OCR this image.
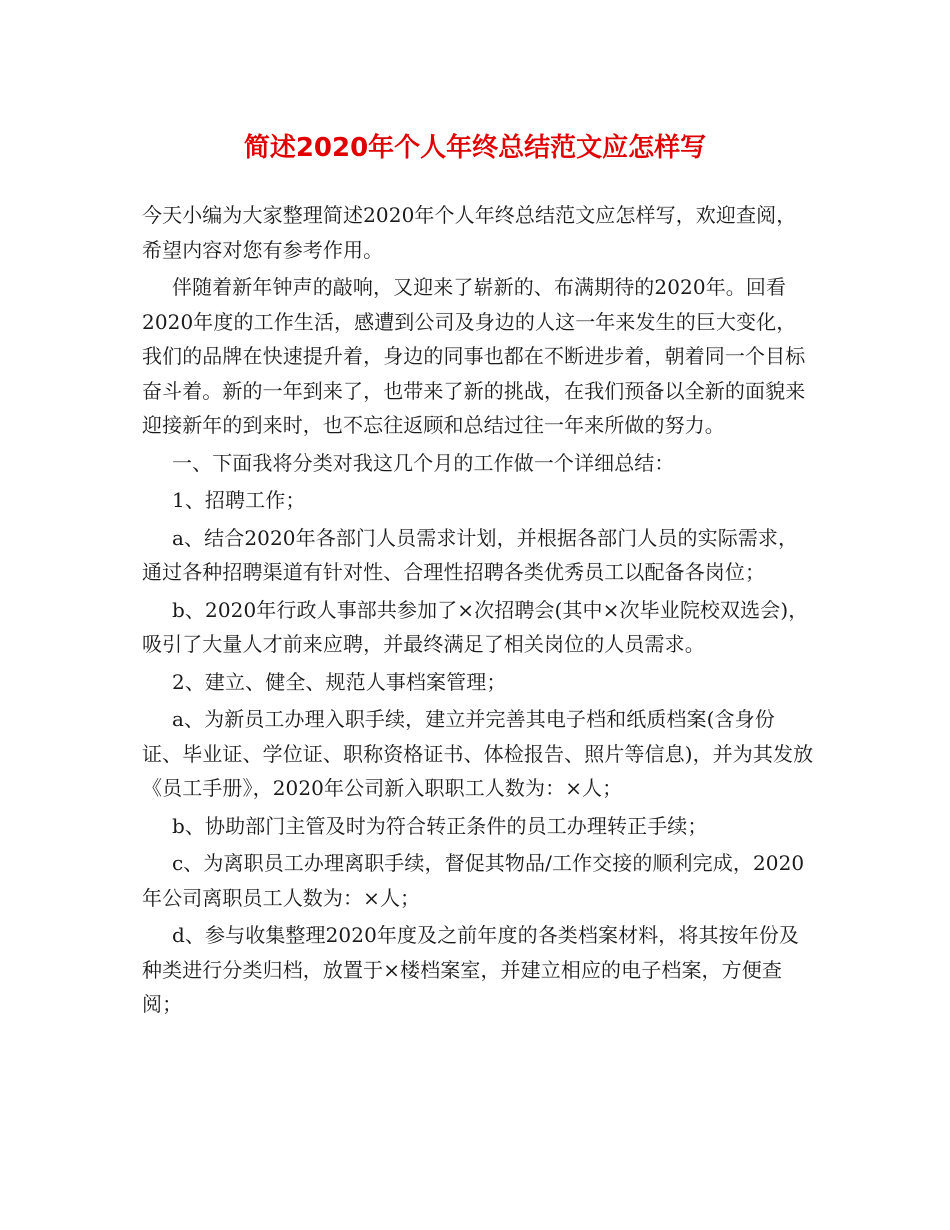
简述2020年个人年终总结范文应怎样写

今天小编为大家整理简述2020年个人年终总结范文应怎样写，欢迎查阅，希望内容对您有参考作用。

伴随着新年钟声的敲响，又迎来了崭新的、布满期待的2020年。回看2020年度的工作生活，感遭到公司及身边的人这一年来发生的巨大变化，我们的品牌在快速提升着，身边的同事也都在不断进步着，朝着同一个目标奋斗着。新的一年到来了，也带来了新的挑战，在我们预备以全新的面貌来迎接新年的到来时，也不忘往返顾和总结过往一年来所做的努力。

一、下面我将分类对我这几个月的工作做一个详细总结：

1、招聘工作；

a、结合2020年各部门人员需求计划，并根据各部门人员的实际需求，通过各种招聘渠道有针对性、合理性招聘各类优秀员工以配备各岗位；

b、2020年行政人事部共参加了×次招聘会(其中×次毕业院校双选会)，吸引了大量人才前来应聘，并最终满足了相关岗位的人员需求。

2、建立、健全、规范人事档案管理；

a、为新员工办理入职手续，建立并完善其电子档和纸质档案(含身份证、毕业证、学位证、职称资格证书、体检报告、照片等信息)，并为其发放《员工手册》，2020年公司新入职职工人数为：×人；

b、协助部门主管及时为符合转正条件的员工办理转正手续；

c、为离职员工办理离职手续，督促其物品/工作交接的顺利完成，2020年公司离职员工人数为：×人；

d、参与收集整理2020年度及之前年度的各类档案材料，将其按年份及种类进行分类归档，放置于×楼档案室，并建立相应的电子档案，方便查阅；
